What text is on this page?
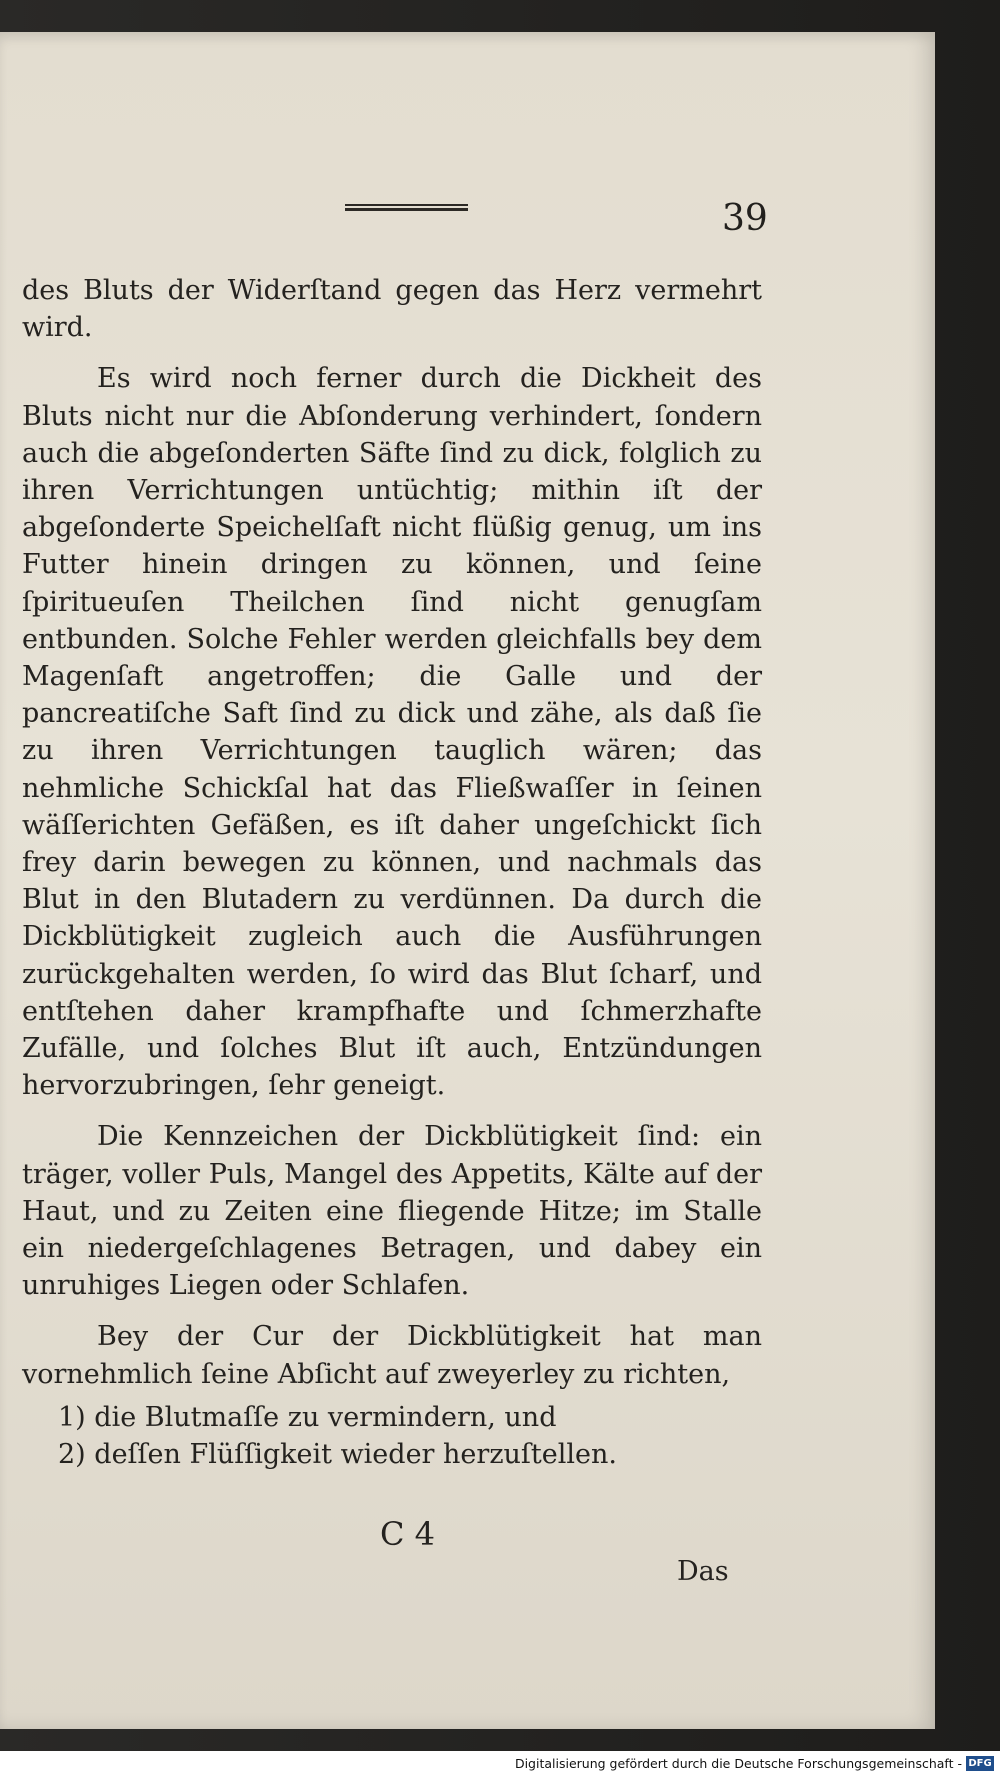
39

des Bluts der Widerſtand gegen das Herz vermehrt wird.

Es wird noch ferner durch die Dickheit des Bluts nicht nur die Abſonderung verhindert, ſondern auch die abgeſonderten Säfte ſind zu dick, folglich zu ihren Verrichtungen untüchtig; mithin iſt der abgeſonderte Speichelſaft nicht flüßig genug, um ins Futter hinein dringen zu können, und ſeine ſpiritueuſen Theilchen ſind nicht genugſam entbunden. Solche Fehler werden gleichfalls bey dem Magenſaft angetroffen; die Galle und der pancreatiſche Saft ſind zu dick und zähe, als daß ſie zu ihren Verrichtungen tauglich wären; das nehmliche Schickſal hat das Fließwaſſer in ſeinen wäſſerichten Gefäßen, es iſt daher ungeſchickt ſich frey darin bewegen zu können, und nachmals das Blut in den Blutadern zu verdünnen. Da durch die Dickblütigkeit zugleich auch die Ausführungen zurückgehalten werden, ſo wird das Blut ſcharf, und entſtehen daher krampfhafte und ſchmerzhafte Zufälle, und ſolches Blut iſt auch, Entzündungen hervorzubringen, ſehr geneigt.

Die Kennzeichen der Dickblütigkeit ſind: ein träger, voller Puls, Mangel des Appetits, Kälte auf der Haut, und zu Zeiten eine fliegende Hitze; im Stalle ein niedergeſchlagenes Betragen, und dabey ein unruhiges Liegen oder Schlafen.

Bey der Cur der Dickblütigkeit hat man vornehmlich ſeine Abſicht auf zweyerley zu richten,

1) die Blutmaſſe zu vermindern, und

2) deſſen Flüſſigkeit wieder herzuſtellen.

C 4
Das
Digitalisierung gefördert durch die Deutsche Forschungsgemeinschaft - DFG
